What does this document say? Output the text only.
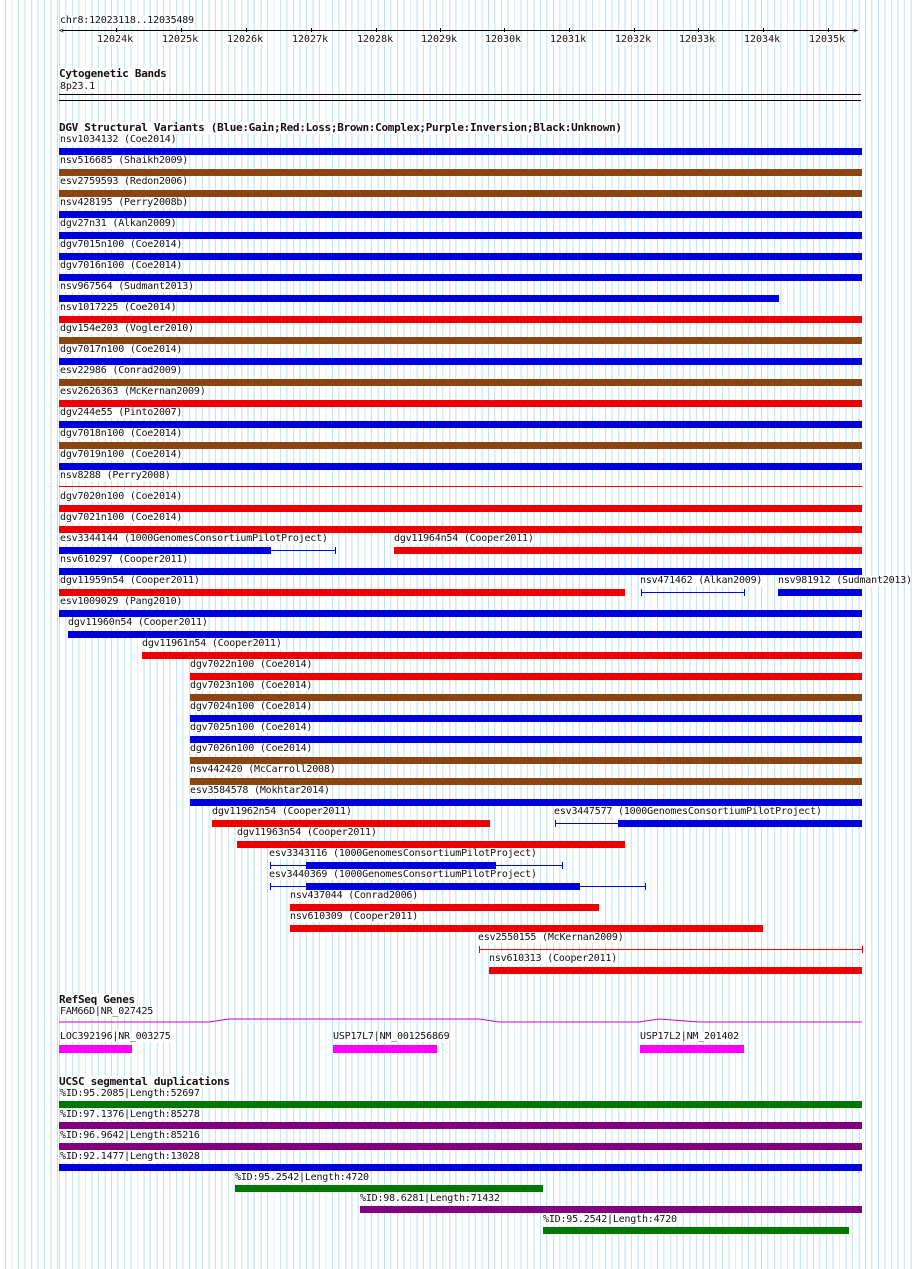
chr8:12023118..12035489
<	>
12024k	12025k	12026k	12027k	12028k	12029k	12030k	12031k	12032k	12033k	12034k	12035k
Cytogenetic Bands
8p23.1
DGV Structural Variants (Blue:Gain;Red:Loss;Brown:Complex;Purple:Inversion;Black:Unknown)
nsv1034132 (Coe2014)
nsv516685 (Shaikh2009)
esv2759593 (Redon2006)
nsv428195 (Perry2008b)
dgv27n31 (Alkan2009)
dgv7015n100 (Coe2014)
dgv7016n100 (Coe2014)
nsv967564 (Sudmant2013)
nsv1017225 (Coe2014)
dgv154e203 (Vogler2010)
dgv7017n100 (Coe2014)
esv22986 (Conrad2009)
esv2626363 (McKernan2009)
dgv244e55 (Pinto2007)
dgv7018n100 (Coe2014)
dgv7019n100 (Coe2014)
nsv8288 (Perry2008)
dgv7020n100 (Coe2014)
dgv7021n100 (Coe2014)
esv3344144 (1000GenomesConsortiumPilotProject)	dgv11964n54 (Cooper2011)
nsv610297 (Cooper2011)
dgv11959n54 (Cooper2011)	nsv471462 (Alkan2009) nsv981912 (Sudmant2013)
esv1009029 (Pang2010)
dgv11960n54 (Cooper2011)
dgv11961n54 (Cooper2011)
dgv7022n100 (Coe2014)
dgv7023n100 (Coe2014)
dgv7024n100 (Coe2014)
dgv7025n100 (Coe2014)
dgv7026n100 (Coe2014)
nsv442420 (McCarroll2008)
esv3584578 (Mokhtar2014)
dgv11962n54 (Cooper2011)	esv3447577 (1000GenomesConsortiumPilotProject)
dgv11963n54 (Cooper2011)
esv3343116 (1000GenomesConsortiumPilotProject)
esv3440369 (1000GenomesConsortiumPilotProject)
nsv437044 (Conrad2006)
nsv610309 (Cooper2011)
esv2550155 (McKernan2009)
nsv610313 (Cooper2011)
RefSeq Genes
FAM66D|NR_027425
LOC392196|NR_003275	USP17L7|NM_001256869	USP17L2|NM_201402
UCSC segmental duplications
%ID:95.2085|Length:52697
%ID:97.1376|Length:85278
%ID:96.9642|Length:85216
%ID:92.1477|Length:13028
%ID:95.2542|Length:4720
%ID:98.6281|Length:71432
%ID:95.2542|Length:4720
